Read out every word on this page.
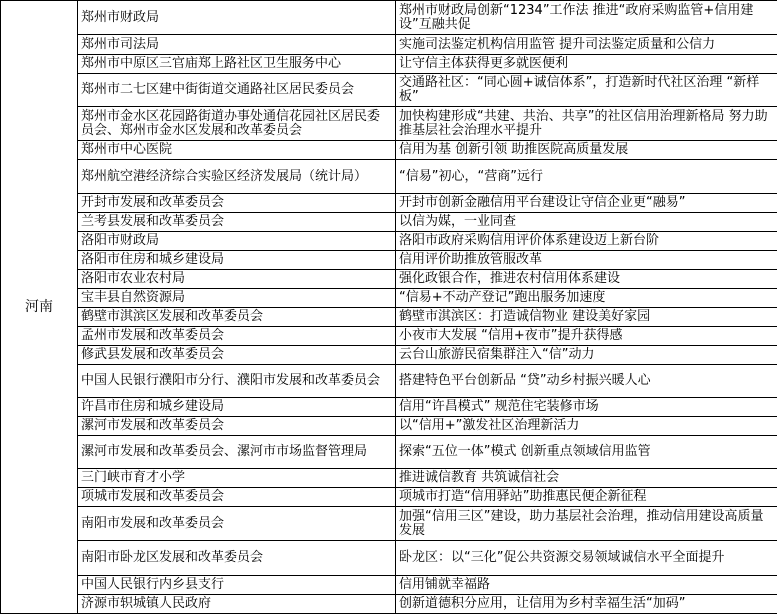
河南	郑州市财政局	郑州市财政局创新“1234”工作法 推进“政府采购监管+信用建设”互融共促
	郑州市司法局	实施司法鉴定机构信用监管 提升司法鉴定质量和公信力
	郑州市中原区三官庙郑上路社区卫生服务中心	让守信主体获得更多就医便利
	郑州市二七区建中街街道交通路社区居民委员会	交通路社区：“同心圆+诚信体系”，打造新时代社区治理 “新样板”
	郑州市金水区花园路街道办事处通信花园社区居民委员会、郑州市金水区发展和改革委员会	加快构建形成“共建、共治、共享”的社区信用治理新格局 努力助推基层社会治理水平提升
	郑州市中心医院	信用为基 创新引领 助推医院高质量发展
	郑州航空港经济综合实验区经济发展局（统计局）	“信易”初心，“营商”远行
	开封市发展和改革委员会	开封市创新金融信用平台建设让守信企业更“融易”
	兰考县发展和改革委员会	以信为媒，一业同查
	洛阳市财政局	洛阳市政府采购信用评价体系建设迈上新台阶
	洛阳市住房和城乡建设局	信用评价助推放管服改革
	洛阳市农业农村局	强化政银合作，推进农村信用体系建设
	宝丰县自然资源局	“信易+不动产登记”跑出服务加速度
	鹤壁市淇滨区发展和改革委员会	鹤壁市淇滨区：打造诚信物业 建设美好家园
	孟州市发展和改革委员会	小夜市大发展 “信用+夜市”提升获得感
	修武县发展和改革委员会	云台山旅游民宿集群注入“信”动力
	中国人民银行濮阳市分行、濮阳市发展和改革委员会	搭建特色平台创新品 “贷”动乡村振兴暖人心
	许昌市住房和城乡建设局	信用“许昌模式” 规范住宅装修市场
	漯河市发展和改革委员会	以“信用+”激发社区治理新活力
	漯河市发展和改革委员会、漯河市市场监督管理局	探索“五位一体”模式 创新重点领域信用监管
	三门峡市育才小学	推进诚信教育 共筑诚信社会
	项城市发展和改革委员会	项城市打造“信用驿站”助推惠民便企新征程
	南阳市发展和改革委员会	加强“信用三区”建设，助力基层社会治理，推动信用建设高质量发展
	南阳市卧龙区发展和改革委员会	卧龙区：以“三化”促公共资源交易领域诚信水平全面提升
	中国人民银行内乡县支行	信用铺就幸福路
	济源市轵城镇人民政府	创新道德积分应用，让信用为乡村幸福生活“加码”
